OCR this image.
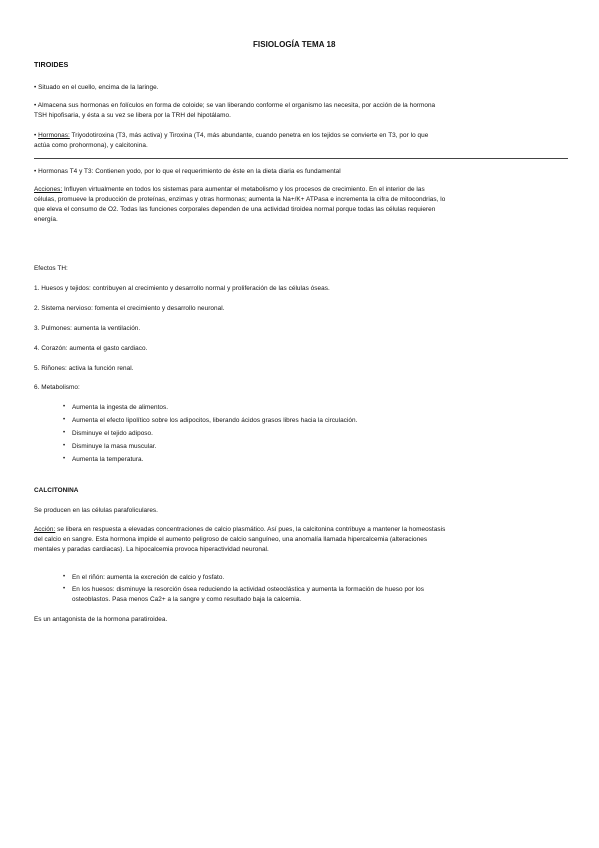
FISIOLOGÍA TEMA 18
TIROIDES
• Situado en el cuello, encima de la laringe.
• Almacena sus hormonas en folículos en forma de coloide; se van liberando conforme el organismo las necesita, por acción de la hormona
TSH hipofisaria, y ésta a su vez se libera por la TRH del hipotálamo.
• Hormonas: Triyodotiroxina (T3, más activa) y Tiroxina (T4, más abundante, cuando penetra en los tejidos se convierte en T3, por lo que
actúa como prohormona), y calcitonina.
• Hormonas T4 y T3: Contienen yodo, por lo que el requerimiento de éste en la dieta diaria es fundamental
Acciones: Influyen virtualmente en todos los sistemas para aumentar el metabolismo y los procesos de crecimiento. En el interior de las
células, promueve la producción de proteínas, enzimas y otras hormonas; aumenta la Na+/K+ ATPasa e incrementa la cifra de mitocondrias, lo
que eleva el consumo de O2. Todas las funciones corporales dependen de una actividad tiroidea normal porque todas las células requieren
energía.
Efectos TH:
1. Huesos y tejidos: contribuyen al crecimiento y desarrollo normal y proliferación de las células óseas.
2. Sistema nervioso: fomenta el crecimiento y desarrollo neuronal.
3. Pulmones: aumenta la ventilación.
4. Corazón: aumenta el gasto cardiaco.
5. Riñones: activa la función renal.
6. Metabolismo:
• Aumenta la ingesta de alimentos.
• Aumenta el efecto lipolítico sobre los adipocitos, liberando ácidos grasos libres hacia la circulación.
• Disminuye el tejido adiposo.
• Disminuye la masa muscular.
• Aumenta la temperatura.
CALCITONINA
Se producen en las células parafoliculares.
Acción: se libera en respuesta a elevadas concentraciones de calcio plasmático. Así pues, la calcitonina contribuye a mantener la homeostasis
del calcio en sangre. Esta hormona impide el aumento peligroso de calcio sanguíneo, una anomalía llamada hipercalcemia (alteraciones
mentales y paradas cardiacas). La hipocalcemia provoca hiperactividad neuronal.
• En el riñón: aumenta la excreción de calcio y fosfato.
• En los huesos: disminuye la resorción ósea reduciendo la actividad osteoclástica y aumenta la formación de hueso por los
osteoblastos. Pasa menos Ca2+ a la sangre y como resultado baja la calcemia.
Es un antagonista de la hormona paratiroidea.
